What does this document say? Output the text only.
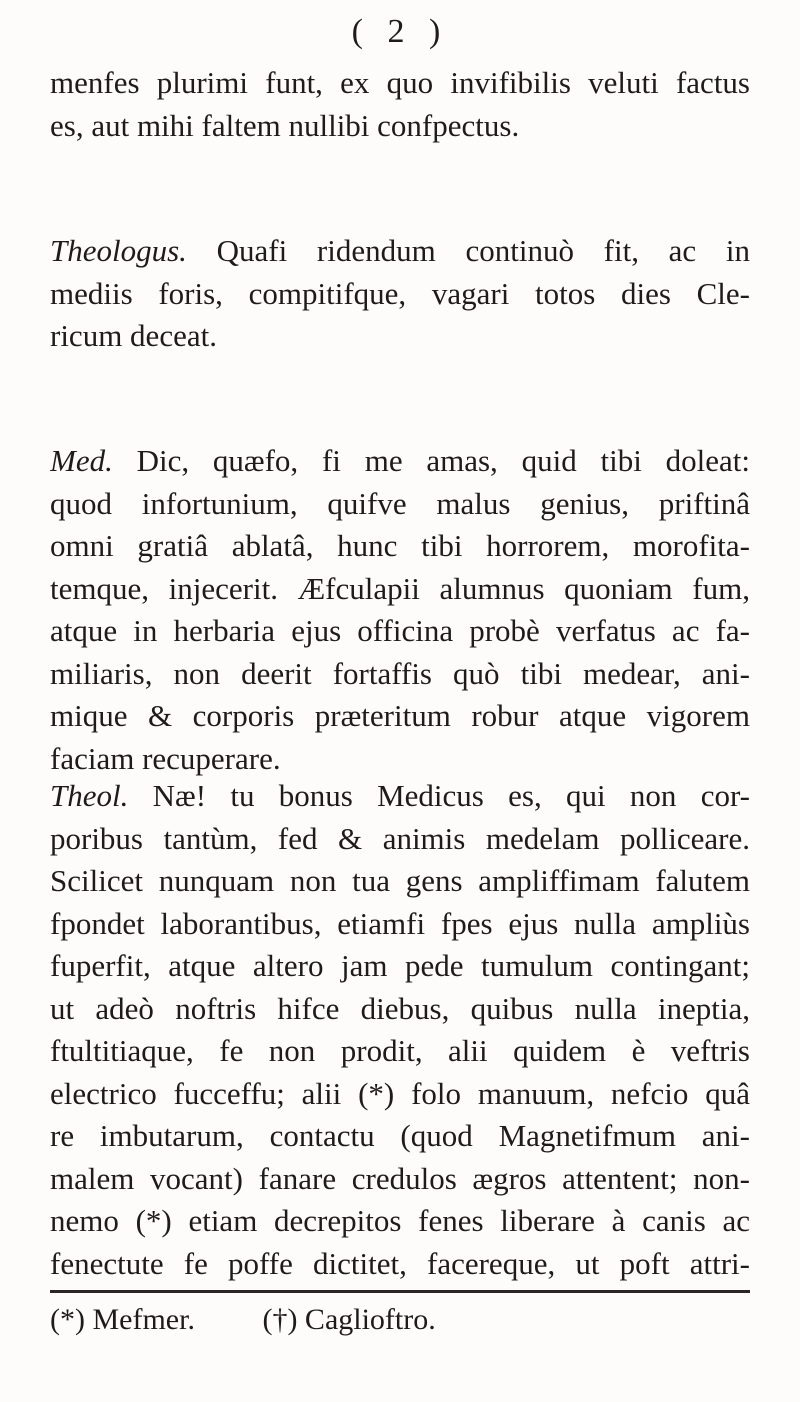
( 2 )
menfes plurimi funt, ex quo invifibilis veluti factus
es, aut mihi faltem nullibi confpectus.
Theologus. Quafi ridendum continuò fit, ac in
mediis foris, compitifque, vagari totos dies Cle-
ricum deceat.
Med. Dic, quæfo, fi me amas, quid tibi doleat:
quod infortunium, quifve malus genius, priftinâ
omni gratiâ ablatâ, hunc tibi horrorem, morofita-
temque, injecerit. Æfculapii alumnus quoniam fum,
atque in herbaria ejus officina probè verfatus ac fa-
miliaris, non deerit fortaffis quò tibi medear, ani-
mique & corporis præteritum robur atque vigorem
faciam recuperare.
Theol. Næ! tu bonus Medicus es, qui non cor-
poribus tantùm, fed & animis medelam polliceare.
Scilicet nunquam non tua gens ampliffimam falutem
fpondet laborantibus, etiamfi fpes ejus nulla ampliùs
fuperfit, atque altero jam pede tumulum contingant;
ut adeò noftris hifce diebus, quibus nulla ineptia,
ftultitiaque, fe non prodit, alii quidem è veftris
electrico fucceffu; alii (*) folo manuum, nefcio quâ
re imbutarum, contactu (quod Magnetifmum ani-
malem vocant) fanare credulos ægros attentent; non-
nemo (*) etiam decrepitos fenes liberare à canis ac
fenectute fe poffe dictitet, facereque, ut poft attri-
(*) Mefmer. (†) Caglioftro.
